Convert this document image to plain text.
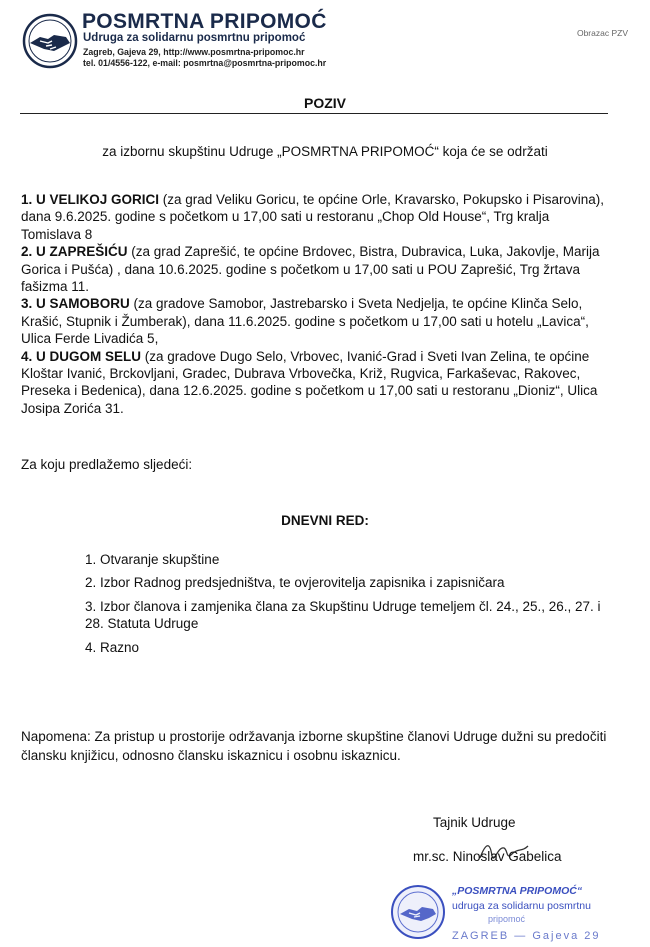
POSMRTNA PRIPOMOĆ
Udruga za solidarnu posmrtnu pripomoć
Zagreb, Gajeva 29, http://www.posmrtna-pripomoc.hr
tel. 01/4556-122, e-mail: posmrtna@posmrtna-pripomoc.hr
Obrazac PZV
POZIV
za izbornu skupštinu Udruge „POSMRTNA PRIPOMOĆ“ koja će se održati

1. U VELIKOJ GORICI (za grad Veliku Goricu, te općine Orle, Kravarsko, Pokupsko i Pisarovina), dana 9.6.2025. godine s početkom u 17,00 sati u restoranu „Chop Old House“, Trg kralja Tomislava 8

2. U ZAPREŠIĆU (za grad Zaprešić, te općine Brdovec, Bistra, Dubravica, Luka, Jakovlje, Marija Gorica i Pušća) , dana 10.6.2025. godine s početkom u 17,00 sati u POU Zaprešić, Trg žrtava fašizma 11.

3. U SAMOBORU (za gradove Samobor, Jastrebarsko i Sveta Nedjelja, te općine Klinča Selo, Krašić, Stupnik i Žumberak), dana 11.6.2025. godine s početkom u 17,00 sati u hotelu „Lavica“, Ulica Ferde Livadića 5,

4. U DUGOM SELU (za gradove Dugo Selo, Vrbovec, Ivanić-Grad i Sveti Ivan Zelina, te općine Kloštar Ivanić, Brckovljani, Gradec, Dubrava Vrbovečka, Križ, Rugvica, Farkaševac, Rakovec, Preseka i Bedenica), dana 12.6.2025. godine s početkom u 17,00 sati u restoranu „Dioniz“, Ulica Josipa Zorića 31.

Za koju predlažemo sljedeći:
DNEVNI RED:

1. Otvaranje skupštine

2. Izbor Radnog predsjedništva, te ovjerovitelja zapisnika i zapisničara

3. Izbor članova i zamjenika člana za Skupštinu Udruge temeljem čl. 24., 25., 26., 27. i 28. Statuta Udruge

4. Razno

Napomena: Za pristup u prostorije održavanja izborne skupštine članovi Udruge dužni su predočiti člansku knjižicu, odnosno člansku iskaznicu i osobnu iskaznicu.
Tajnik Udruge
mr.sc. Ninoslav Gabelica
„POSMRTNA PRIPOMOĆ“
udruga za solidarnu posmrtnu
pripomoć
ZAGREB — Gajeva 29
